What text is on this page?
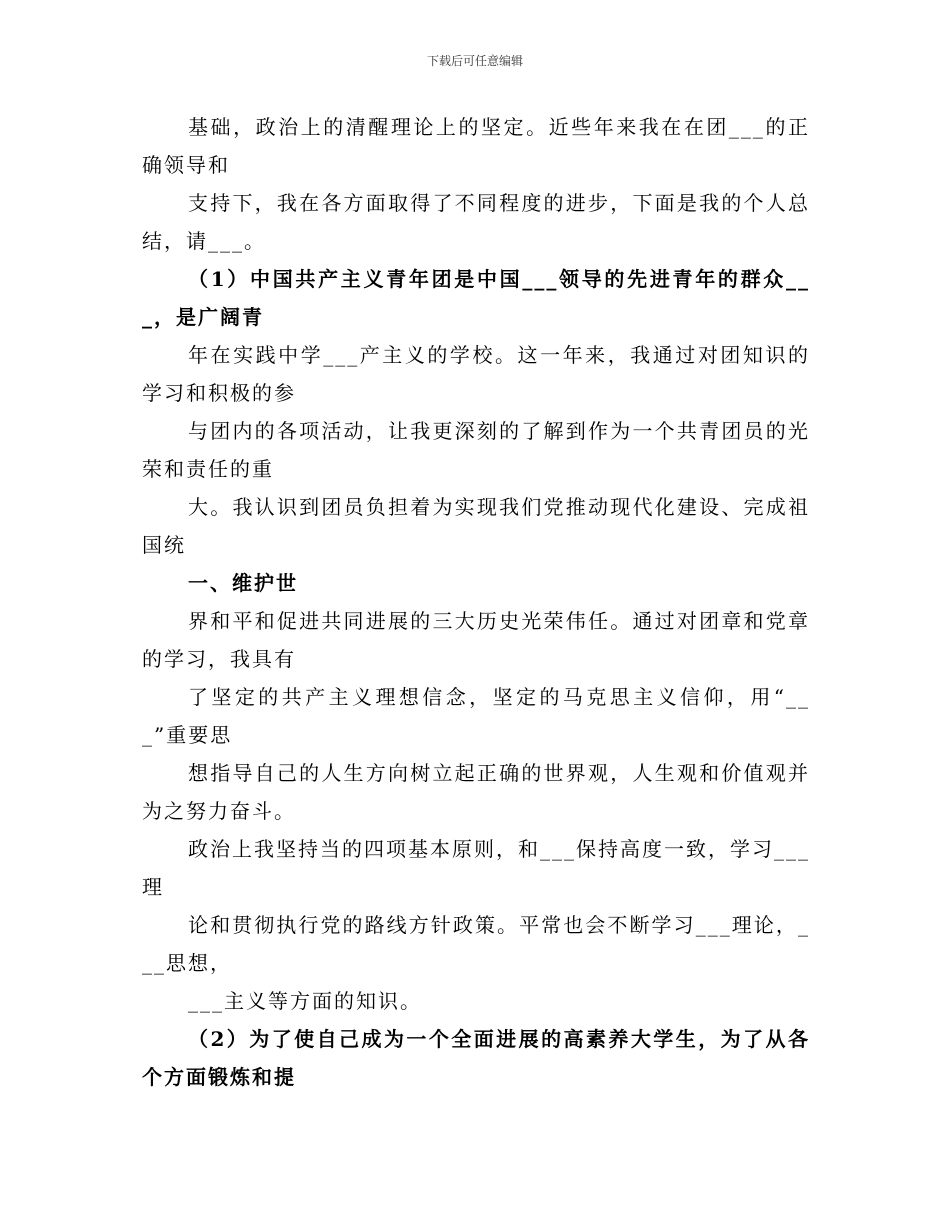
下载后可任意编辑

基础，政治上的清醒理论上的坚定。近些年来我在在团___的正确领导和

支持下，我在各方面取得了不同程度的进步，下面是我的个人总结，请___。

（1）中国共产主义青年团是中国___领导的先进青年的群众___，是广阔青

年在实践中学___产主义的学校。这一年来，我通过对团知识的学习和积极的参

与团内的各项活动，让我更深刻的了解到作为一个共青团员的光荣和责任的重

大。我认识到团员负担着为实现我们党推动现代化建设、完成祖国统

一、维护世

界和平和促进共同进展的三大历史光荣伟任。通过对团章和党章的学习，我具有

了坚定的共产主义理想信念，坚定的马克思主义信仰，用“___”重要思

想指导自己的人生方向树立起正确的世界观，人生观和价值观并为之努力奋斗。

政治上我坚持当的四项基本原则，和___保持高度一致，学习___理

论和贯彻执行党的路线方针政策。平常也会不断学习___理论，___思想，

___主义等方面的知识。

（2）为了使自己成为一个全面进展的高素养大学生，为了从各个方面锻炼和提
